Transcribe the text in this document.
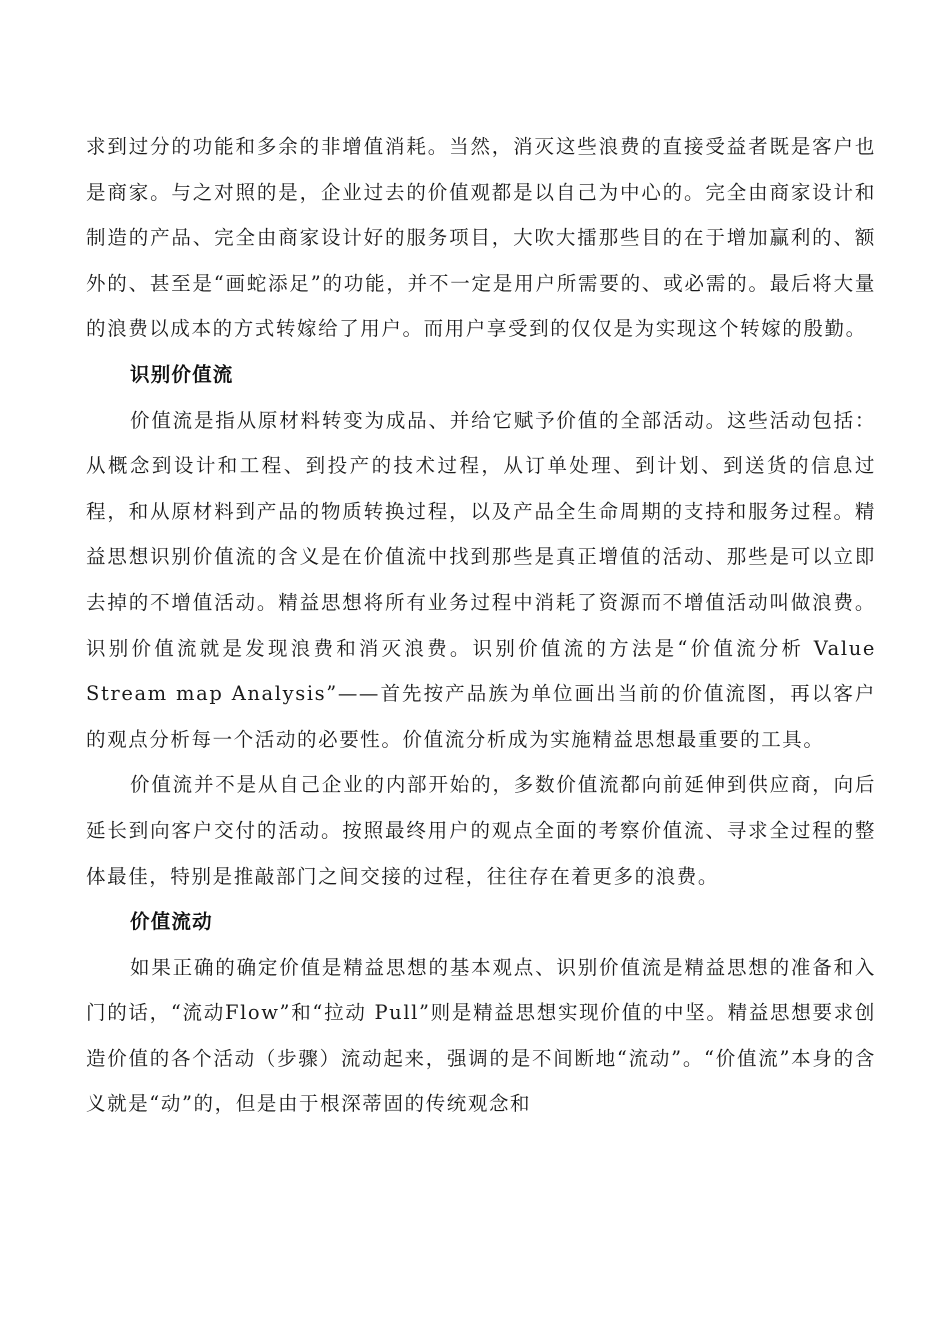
求到过分的功能和多余的非增值消耗。当然，消灭这些浪费的直接受益者既是客户也是商家。与之对照的是，企业过去的价值观都是以自己为中心的。完全由商家设计和制造的产品、完全由商家设计好的服务项目，大吹大擂那些目的在于增加赢利的、额外的、甚至是“画蛇添足”的功能，并不一定是用户所需要的、或必需的。最后将大量的浪费以成本的方式转嫁给了用户。而用户享受到的仅仅是为实现这个转嫁的殷勤。

识别价值流

价值流是指从原材料转变为成品、并给它赋予价值的全部活动。这些活动包括：从概念到设计和工程、到投产的技术过程，从订单处理、到计划、到送货的信息过程，和从原材料到产品的物质转换过程，以及产品全生命周期的支持和服务过程。精益思想识别价值流的含义是在价值流中找到那些是真正增值的活动、那些是可以立即去掉的不增值活动。精益思想将所有业务过程中消耗了资源而不增值活动叫做浪费。识别价值流就是发现浪费和消灭浪费。识别价值流的方法是“价值流分析 Value Stream map Analysis”——首先按产品族为单位画出当前的价值流图，再以客户的观点分析每一个活动的必要性。价值流分析成为实施精益思想最重要的工具。

价值流并不是从自己企业的内部开始的，多数价值流都向前延伸到供应商，向后延长到向客户交付的活动。按照最终用户的观点全面的考察价值流、寻求全过程的整体最佳，特别是推敲部门之间交接的过程，往往存在着更多的浪费。

价值流动

如果正确的确定价值是精益思想的基本观点、识别价值流是精益思想的准备和入门的话，“流动Flow”和“拉动 Pull”则是精益思想实现价值的中坚。精益思想要求创造价值的各个活动（步骤）流动起来，强调的是不间断地“流动”。“价值流”本身的含义就是“动”的，但是由于根深蒂固的传统观念和
